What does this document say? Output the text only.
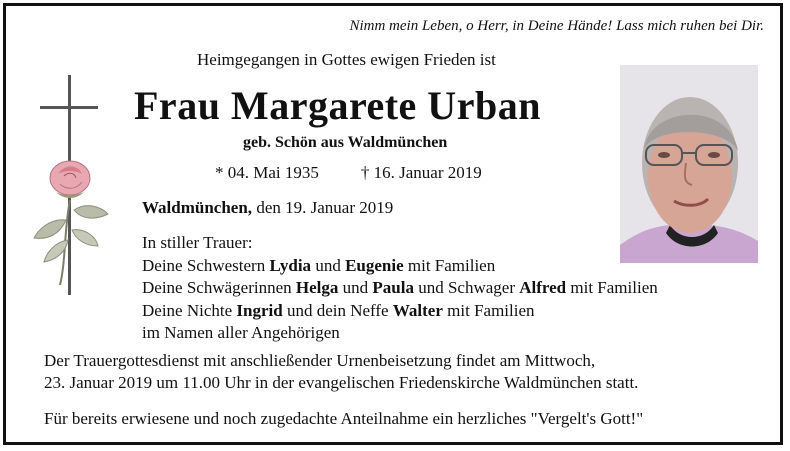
Nimm mein Leben, o Herr, in Deine Hände! Lass mich ruhen bei Dir.
Heimgegangen in Gottes ewigen Frieden ist
Frau Margarete Urban
geb. Schön aus Waldmünchen
* 04. Mai 1935 † 16. Januar 2019
Waldmünchen, den 19. Januar 2019
In stiller Trauer:
Deine Schwestern Lydia und Eugenie mit Familien
Deine Schwägerinnen Helga und Paula und Schwager Alfred mit Familien
Deine Nichte Ingrid und dein Neffe Walter mit Familien
im Namen aller Angehörigen
Der Trauergottesdienst mit anschließender Urnenbeisetzung findet am Mittwoch,
23. Januar 2019 um 11.00 Uhr in der evangelischen Friedenskirche Waldmünchen statt.
Für bereits erwiesene und noch zugedachte Anteilnahme ein herzliches "Vergelt's Gott!"
